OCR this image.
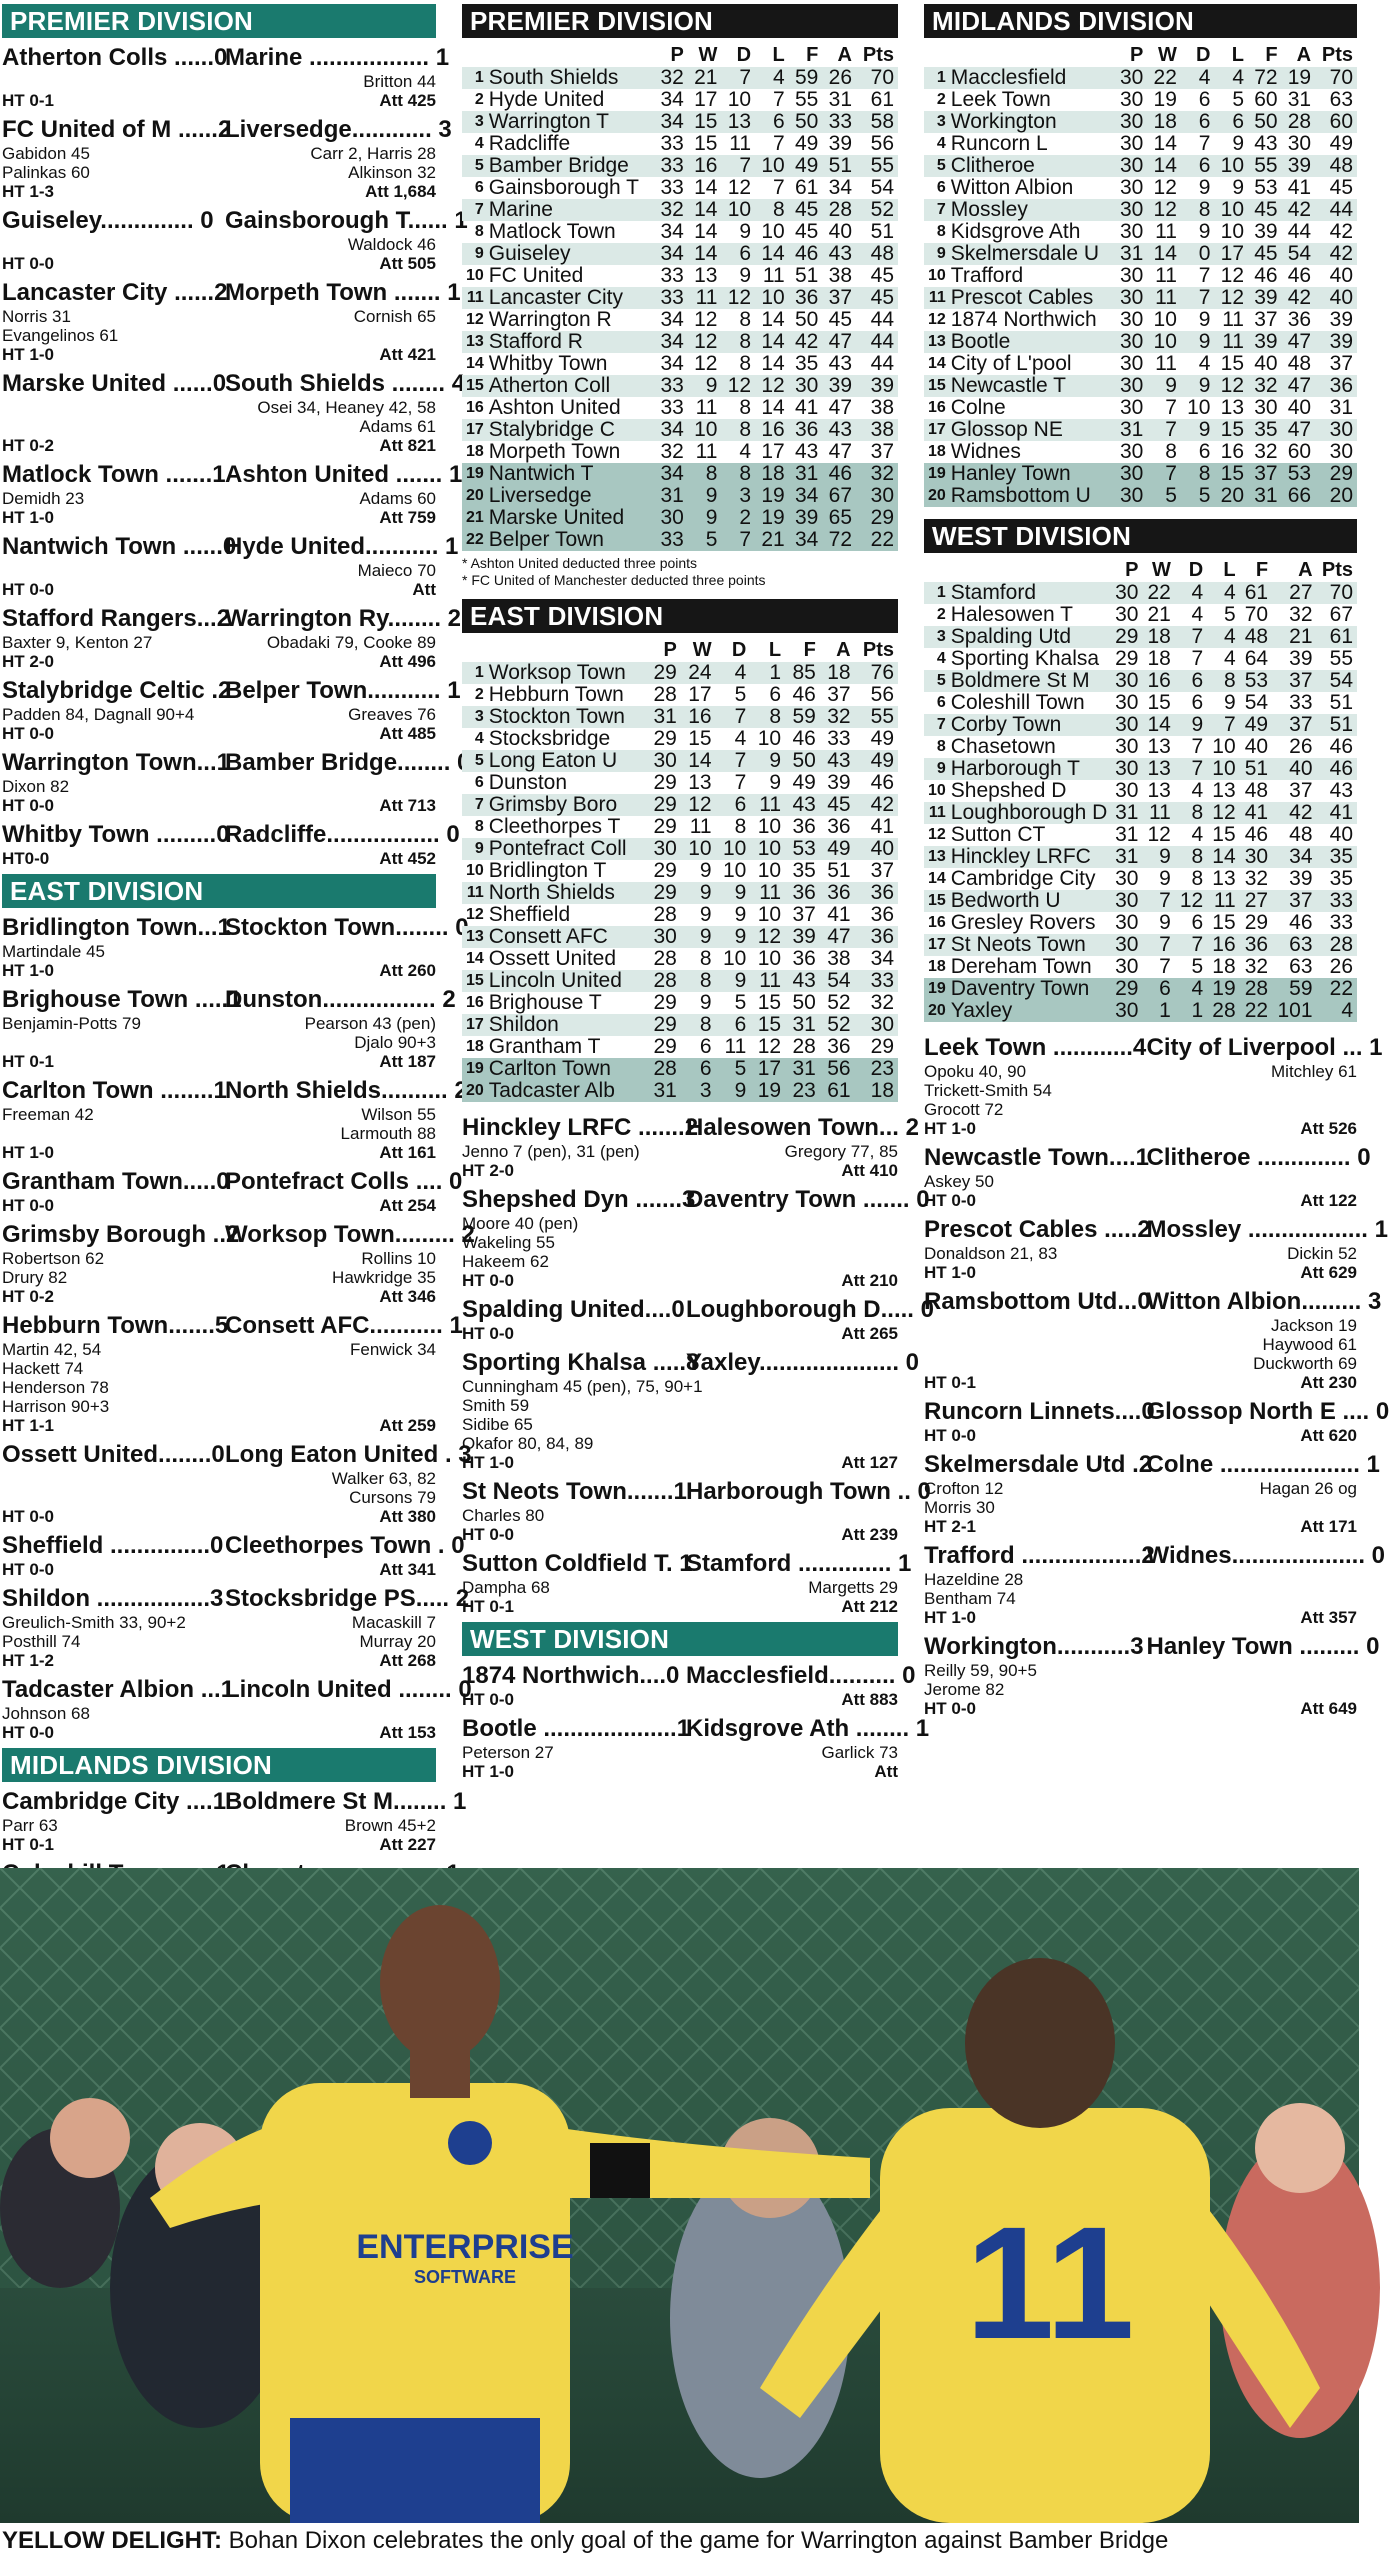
PREMIER DIVISION
Atherton Colls ......0
Marine .................. 1
Britton 44
HT 0-1	Att 425
FC United of M ......2
Liversedge............ 3
Gabidon 45	Carr 2, Harris 28
Palinkas 60	Alkinson 32
HT 1-3	Att 1,684
Guiseley.............. 0 Gainsborough T...... 1
Waldock 46
HT 0-0	Att 505
Lancaster City ......2
Morpeth Town ....... 1
Norris 31	Cornish 65
Evangelinos 61
HT 1-0	Att 421
Marske United ......0
South Shields ........ 4
Osei 34, Heaney 42, 58
Adams 61
HT 0-2	Att 821
Matlock Town .......1 Ashton United ....... 1
Demidh 23	Adams 60
HT 1-0	Att 759
Nantwich Town ......0
Hyde United........... 1
Maieco 70
HT 0-0	Att
Stafford Rangers...2
Warrington Ry........ 2
Baxter 9, Kenton 27	Obadaki 79, Cooke 89
HT 2-0	Att 496
Stalybridge Celtic .2
Belper Town........... 1
Padden 84, Dagnall 90+4	Greaves 76
HT 0-0	Att 485
Warrington Town...1
Bamber Bridge........ 0
Dixon 82
HT 0-0	Att 713
Whitby Town .........0
Radcliffe................. 0
HT0-0	Att 452
EAST DIVISION
Bridlington Town...1
Stockton Town........ 0
Martindale 45
HT 1-0	Att 260
Brighouse Town .....1
Dunston................. 2
Benjamin-Potts 79	Pearson 43 (pen)
Djalo 90+3
HT 0-1	Att 187
Carlton Town ........1
North Shields.......... 2
Freeman 42	Wilson 55
Larmouth 88
HT 1-0	Att 161
Grantham Town.....0
Pontefract Colls .... 0
HT 0-0	Att 254
Grimsby Borough ..2
Worksop Town......... 2
Robertson 62	Rollins 10
Drury 82	Hawkridge 35
HT 0-2	Att 346
Hebburn Town.......5
Consett AFC........... 1
Martin 42, 54	Fenwick 34
Hackett 74
Henderson 78
Harrison 90+3
HT 1-1	Att 259
Ossett United........0 Long Eaton United . 3
Walker 63, 82
Cursons 79
HT 0-0	Att 380
Sheffield ...............0 Cleethorpes Town . 0
HT 0-0	Att 341
Shildon .................3 Stocksbridge PS..... 2
Greulich-Smith 33, 90+2	Macaskill 7
Posthill 74	Murray 20
HT 1-2	Att 268
Tadcaster Albion ...1
Lincoln United ........ 0
Johnson 68
HT 0-0	Att 153
MIDLANDS DIVISION
Cambridge City ....1
Boldmere St M........ 1
Parr 63	Brown 45+2
HT 0-1	Att 227
PREMIER DIVISION
		P	W	D	L	F	A	Pts
1	South Shields	32	21	7	4	59	26	70
2	Hyde United	34	17	10	7	55	31	61
3	Warrington T	34	15	13	6	50	33	58
4	Radcliffe	33	15	11	7	49	39	56
5	Bamber Bridge	33	16	7	10	49	51	55
6	Gainsborough T	33	14	12	7	61	34	54
7	Marine	32	14	10	8	45	28	52
8	Matlock Town	34	14	9	10	45	40	51
9	Guiseley	34	14	6	14	46	43	48
10	FC United	33	13	9	11	51	38	45
11	Lancaster City	33	11	12	10	36	37	45
12	Warrington R	34	12	8	14	50	45	44
13	Stafford R	34	12	8	14	42	47	44
14	Whitby Town	34	12	8	14	35	43	44
15	Atherton Coll	33	9	12	12	30	39	39
16	Ashton United	33	11	8	14	41	47	38
17	Stalybridge C	34	10	8	16	36	43	38
18	Morpeth Town	32	11	4	17	43	47	37
19	Nantwich T	34	8	8	18	31	46	32
20	Liversedge	31	9	3	19	34	67	30
21	Marske United	30	9	2	19	39	65	29
22	Belper Town	33	5	7	21	34	72	22
* Ashton United deducted three points
* FC United of Manchester deducted three points
EAST DIVISION
		P	W	D	L	F	A	Pts
1	Worksop Town	29	24	4	1	85	18	76
2	Hebburn Town	28	17	5	6	46	37	56
3	Stockton Town	31	16	7	8	59	32	55
4	Stocksbridge	29	15	4	10	46	33	49
5	Long Eaton U	30	14	7	9	50	43	49
6	Dunston	29	13	7	9	49	39	46
7	Grimsby Boro	29	12	6	11	43	45	42
8	Cleethorpes T	29	11	8	10	36	36	41
9	Pontefract Coll	30	10	10	10	53	49	40
10	Bridlington T	29	9	10	10	35	51	37
11	North Shields	29	9	9	11	36	36	36
12	Sheffield	28	9	9	10	37	41	36
13	Consett AFC	30	9	9	12	39	47	36
14	Ossett United	28	8	10	10	36	38	34
15	Lincoln United	28	8	9	11	43	54	33
16	Brighouse T	29	9	5	15	50	52	32
17	Shildon	29	8	6	15	31	52	30
18	Grantham T	29	6	11	12	28	36	29
19	Carlton Town	28	6	5	17	31	56	23
20	Tadcaster Alb	31	3	9	19	23	61	18
Hinckley LRFC .......2
Halesowen Town... 2
Jenno 7 (pen), 31 (pen)	Gregory 77, 85
HT 2-0	Att 410
Shepshed Dyn .......3
Daventry Town ....... 0
Moore 40 (pen)
Wakeling 55
Hakeem 62
HT 0-0	Att 210
Spalding United....0 Loughborough D..... 0
HT 0-0	Att 265
Sporting Khalsa .....8
Yaxley..................... 0
Cunningham 45 (pen), 75, 90+1
Smith 59
Sidibe 65
Okafor 80, 84, 89
HT 1-0	Att 127
St Neots Town.......1 Harborough Town .. 0
Charles 80
HT 0-0	Att 239
Sutton Coldfield T. 1
Stamford .............. 1
Dampha 68	Margetts 29
HT 0-1	Att 212
WEST DIVISION
1874 Northwich....0 Macclesfield.......... 0
HT 0-0	Att 883
Bootle ....................1
Kidsgrove Ath ........ 1
Peterson 27	Garlick 73
HT 1-0	Att
MIDLANDS DIVISION
		P	W	D	L	F	A	Pts
1	Macclesfield	30	22	4	4	72	19	70
2	Leek Town	30	19	6	5	60	31	63
3	Workington	30	18	6	6	50	28	60
4	Runcorn L	30	14	7	9	43	30	49
5	Clitheroe	30	14	6	10	55	39	48
6	Witton Albion	30	12	9	9	53	41	45
7	Mossley	30	12	8	10	45	42	44
8	Kidsgrove Ath	30	11	9	10	39	44	42
9	Skelmersdale U	31	14	0	17	45	54	42
10	Trafford	30	11	7	12	46	46	40
11	Prescot Cables	30	11	7	12	39	42	40
12	1874 Northwich	30	10	9	11	37	36	39
13	Bootle	30	10	9	11	39	47	39
14	City of L'pool	30	11	4	15	40	48	37
15	Newcastle T	30	9	9	12	32	47	36
16	Colne	30	7	10	13	30	40	31
17	Glossop NE	31	7	9	15	35	47	30
18	Widnes	30	8	6	16	32	60	30
19	Hanley Town	30	7	8	15	37	53	29
20	Ramsbottom U	30	5	5	20	31	66	20
WEST DIVISION
		P	W	D	L	F	A	Pts
1	Stamford	30	22	4	4	61	27	70
2	Halesowen T	30	21	4	5	70	32	67
3	Spalding Utd	29	18	7	4	48	21	61
4	Sporting Khalsa	29	18	7	4	64	39	55
5	Boldmere St M	30	16	6	8	53	37	54
6	Coleshill Town	30	15	6	9	54	33	51
7	Corby Town	30	14	9	7	49	37	51
8	Chasetown	30	13	7	10	40	26	46
9	Harborough T	30	13	7	10	51	40	46
10	Shepshed D	30	13	4	13	48	37	43
11	Loughborough D	31	11	8	12	41	42	41
12	Sutton CT	31	12	4	15	46	48	40
13	Hinckley LRFC	31	9	8	14	30	34	35
14	Cambridge City	30	9	8	13	32	39	35
15	Bedworth U	30	7	12	11	27	37	33
16	Gresley Rovers	30	9	6	15	29	46	33
17	St Neots Town	30	7	7	16	36	63	28
18	Dereham Town	30	7	5	18	32	63	26
19	Daventry Town	29	6	4	19	28	59	22
20	Yaxley	30	1	1	28	22	101	4
Leek Town ............4 City of Liverpool ... 1
Opoku 40, 90	Mitchley 61
Trickett-Smith 54
Grocott 72
HT 1-0	Att 526
Newcastle Town....1
Clitheroe .............. 0
Askey 50
HT 0-0	Att 122
Prescot Cables .....2
Mossley .................. 1
Donaldson 21, 83	Dickin 52
HT 1-0	Att 629
Ramsbottom Utd...0
Witton Albion......... 3
Jackson 19
Haywood 61
Duckworth 69
HT 0-1	Att 230
Runcorn Linnets....0
Glossop North E .... 0
HT 0-0	Att 620
Skelmersdale Utd .2
Colne ..................... 1
Crofton 12	Hagan 26 og
Morris 30
HT 2-1	Att 171
Trafford ..................2
Widnes.................... 0
Hazeldine 28
Bentham 74
HT 1-0	Att 357
Workington...........3 Hanley Town ......... 0
Reilly 59, 90+5
Jerome 82
HT 0-0	Att 649
ENTERPRISE
SOFTWARE	11
YELLOW DELIGHT: Bohan Dixon celebrates the only goal of the game for Warrington against Bamber Bridge
